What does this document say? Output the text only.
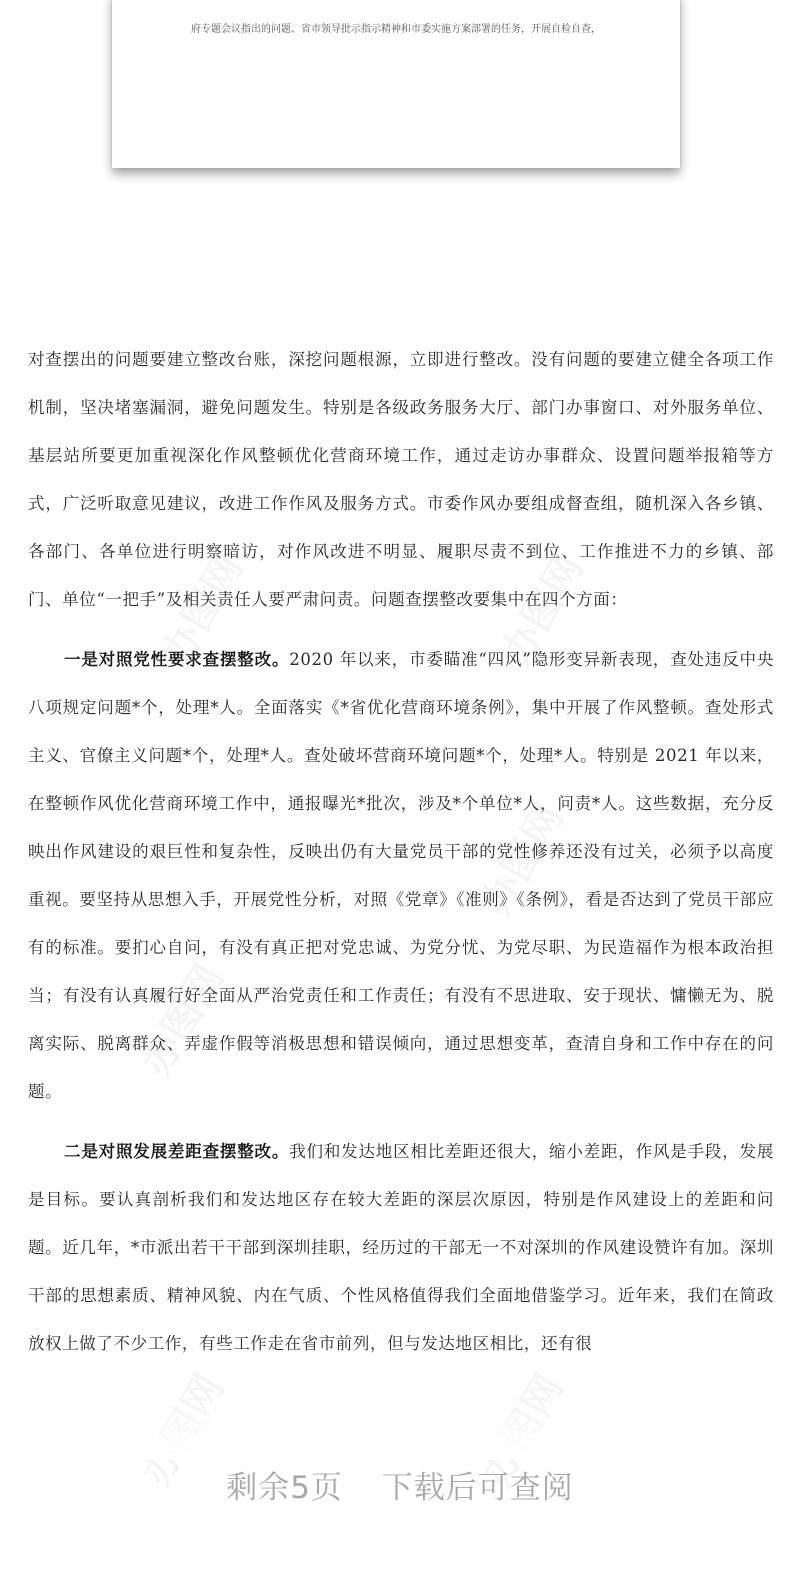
府专题会议指出的问题、省市领导批示指示精神和市委实施方案部署的任务，开展自检自查，

对查摆出的问题要建立整改台账，深挖问题根源，立即进行整改。没有问题的要建立健全各项工作机制，坚决堵塞漏洞，避免问题发生。特别是各级政务服务大厅、部门办事窗口、对外服务单位、基层站所要更加重视深化作风整顿优化营商环境工作，通过走访办事群众、设置问题举报箱等方式，广泛听取意见建议，改进工作作风及服务方式。市委作风办要组成督查组，随机深入各乡镇、各部门、各单位进行明察暗访，对作风改进不明显、履职尽责不到位、工作推进不力的乡镇、部门、单位“一把手”及相关责任人要严肃问责。问题查摆整改要集中在四个方面：

一是对照党性要求查摆整改。2020 年以来，市委瞄准“四风”隐形变异新表现，查处违反中央八项规定问题*个，处理*人。全面落实《*省优化营商环境条例》，集中开展了作风整顿。查处形式主义、官僚主义问题*个，处理*人。查处破坏营商环境问题*个，处理*人。特别是 2021 年以来，在整顿作风优化营商环境工作中，通报曝光*批次，涉及*个单位*人，问责*人。这些数据，充分反映出作风建设的艰巨性和复杂性，反映出仍有大量党员干部的党性修养还没有过关，必须予以高度重视。要坚持从思想入手，开展党性分析，对照《党章》《准则》《条例》，看是否达到了党员干部应有的标准。要扪心自问，有没有真正把对党忠诚、为党分忧、为党尽职、为民造福作为根本政治担当；有没有认真履行好全面从严治党责任和工作责任；有没有不思进取、安于现状、慵懒无为、脱离实际、脱离群众、弄虚作假等消极思想和错误倾向，通过思想变革，查清自身和工作中存在的问题。

二是对照发展差距查摆整改。我们和发达地区相比差距还很大，缩小差距，作风是手段，发展是目标。要认真剖析我们和发达地区存在较大差距的深层次原因，特别是作风建设上的差距和问题。近几年，*市派出若干干部到深圳挂职，经历过的干部无一不对深圳的作风建设赞许有加。深圳干部的思想素质、精神风貌、内在气质、个性风格值得我们全面地借鉴学习。近年来，我们在简政放权上做了不少工作，有些工作走在省市前列，但与发达地区相比，还有很

剩余5页 下载后可查阅
